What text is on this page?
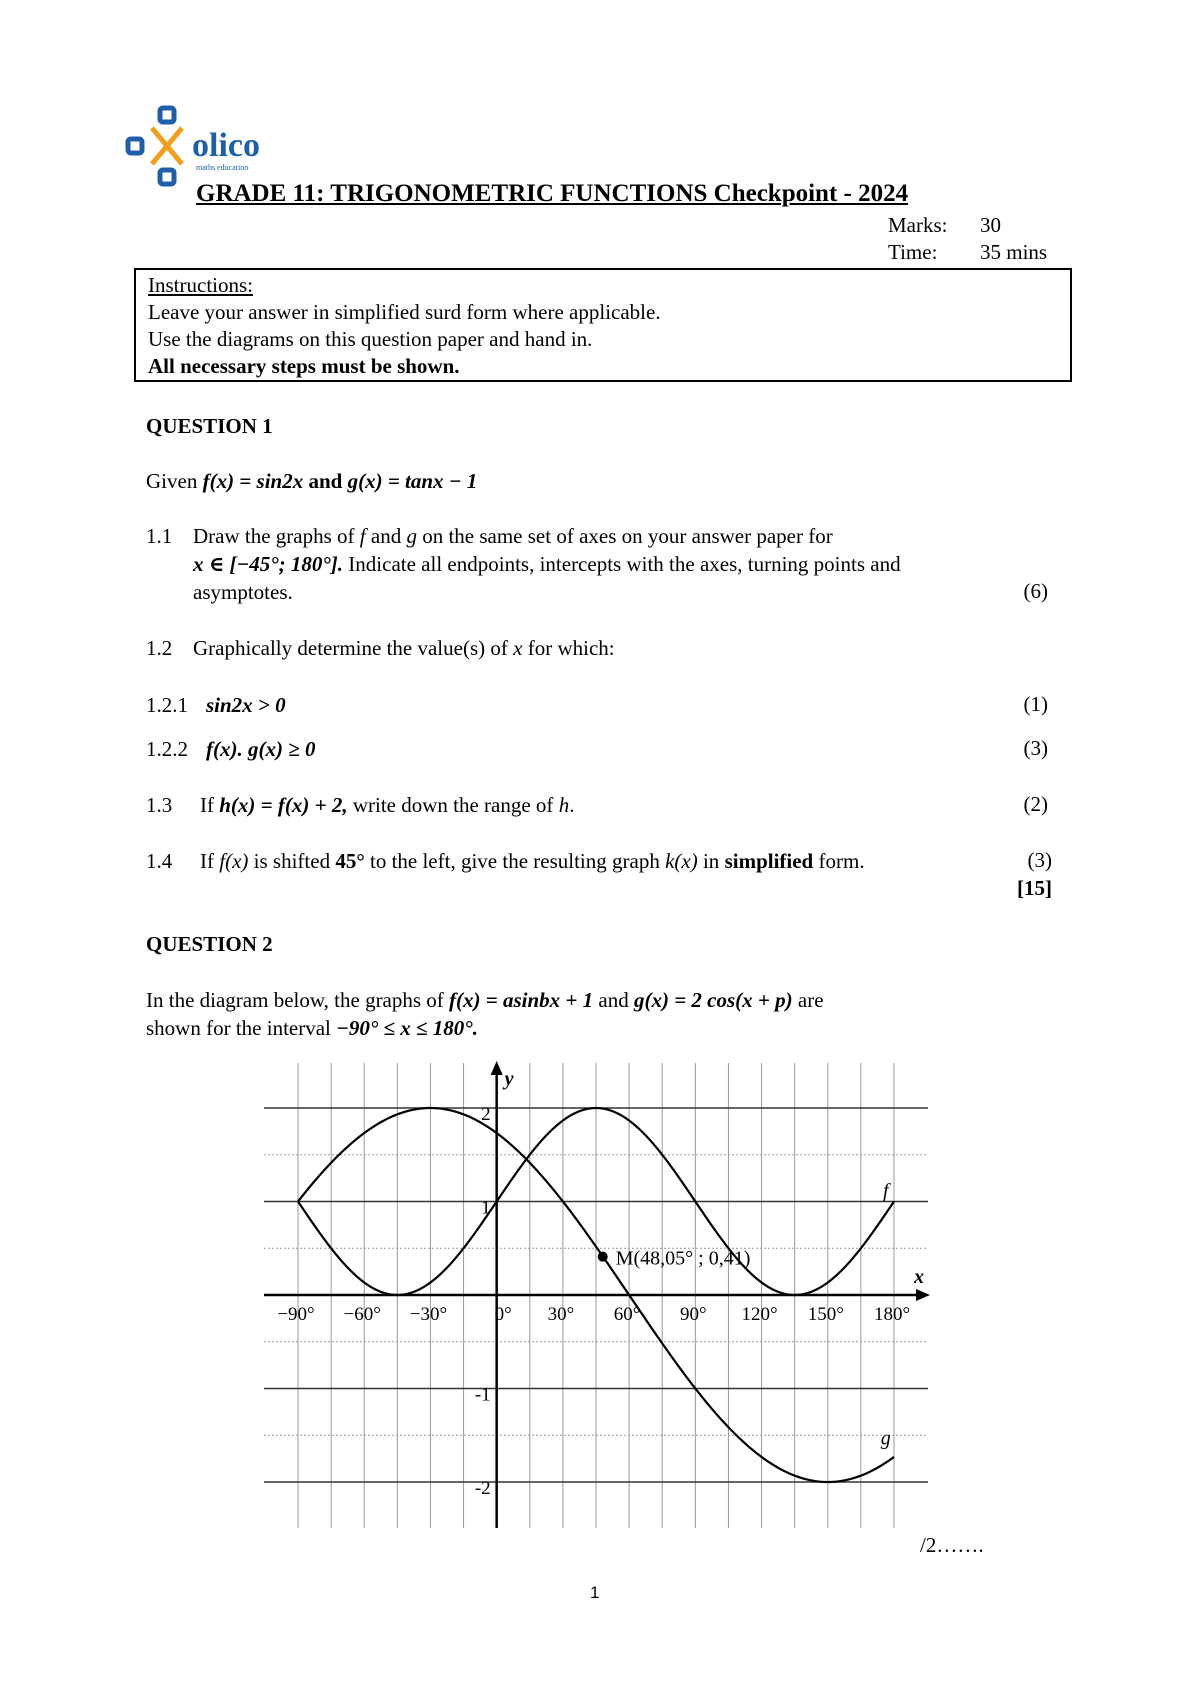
olico
maths education
GRADE 11: TRIGONOMETRIC FUNCTIONS Checkpoint - 2024
Marks: 30
Time: 35 mins
Instructions:
Leave your answer in simplified surd form where applicable.
Use the diagrams on this question paper and hand in.
All necessary steps must be shown.
QUESTION 1
Given f(x) = sin2x and g(x) = tanx − 1
1.1 Draw the graphs of f and g on the same set of axes on your answer paper for
x ∈ [−45°; 180°]. Indicate all endpoints, intercepts with the axes, turning points and
asymptotes.	(6)
1.2 Graphically determine the value(s) of x for which:
1.2.1 sin2x > 0	(1)
1.2.2 f(x). g(x) ≥ 0	(3)
1.3 If h(x) = f(x) + 2, write down the range of h.	(2)
1.4 If f(x) is shifted 45° to the left, give the resulting graph k(x) in simplified form.	(3)
[15]
QUESTION 2
In the diagram below, the graphs of f(x) = asinbx + 1 and g(x) = 2 cos(x + p) are
shown for the interval −90° ≤ x ≤ 180°.
x
y
−90° −60° −30°	0° 30° 60° 90° 120° 150° 180°
2
1
-1
-2
f
g
M(48,05° ; 0,41)
/2…….
1
